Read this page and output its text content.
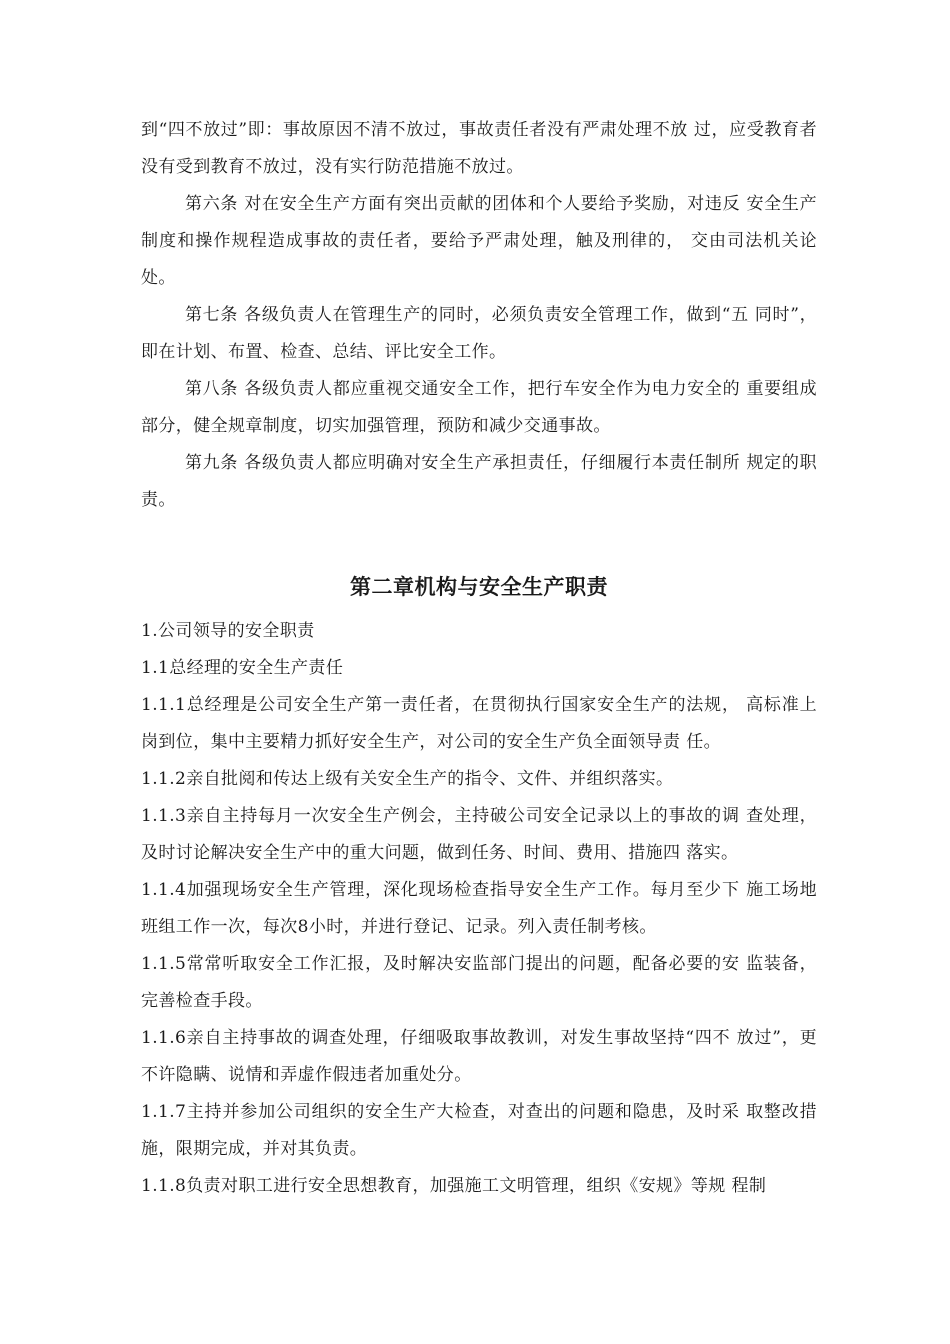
到“四不放过”即：事故原因不清不放过，事故责任者没有严肃处理不放 过，应受教育者没有受到教育不放过，没有实行防范措施不放过。

第六条 对在安全生产方面有突出贡献的团体和个人要给予奖励，对违反 安全生产制度和操作规程造成事故的责任者，要给予严肃处理，触及刑律的， 交由司法机关论处。

第七条 各级负责人在管理生产的同时，必须负责安全管理工作，做到“五 同时”，即在计划、布置、检查、总结、评比安全工作。

第八条 各级负责人都应重视交通安全工作，把行车安全作为电力安全的 重要组成部分，健全规章制度，切实加强管理，预防和减少交通事故。

第九条 各级负责人都应明确对安全生产承担责任，仔细履行本责任制所 规定的职责。

第二章机构与安全生产职责

1.公司领导的安全职责

1.1总经理的安全生产责任

1.1.1总经理是公司安全生产第一责任者，在贯彻执行国家安全生产的法规， 高标准上岗到位，集中主要精力抓好安全生产，对公司的安全生产负全面领导责 任。

1.1.2亲自批阅和传达上级有关安全生产的指令、文件、并组织落实。

1.1.3亲自主持每月一次安全生产例会，主持破公司安全记录以上的事故的调 查处理，及时讨论解决安全生产中的重大问题，做到任务、时间、费用、措施四 落实。

1.1.4加强现场安全生产管理，深化现场检查指导安全生产工作。每月至少下 施工场地班组工作一次，每次8小时，并进行登记、记录。列入责任制考核。

1.1.5常常听取安全工作汇报，及时解决安监部门提出的问题，配备必要的安 监装备，完善检查手段。

1.1.6亲自主持事故的调查处理，仔细吸取事故教训，对发生事故坚持“四不 放过”，更不许隐瞒、说情和弄虚作假违者加重处分。

1.1.7主持并参加公司组织的安全生产大检查，对查出的问题和隐患，及时采 取整改措施，限期完成，并对其负责。

1.1.8负责对职工进行安全思想教育，加强施工文明管理，组织《安规》等规 程制
